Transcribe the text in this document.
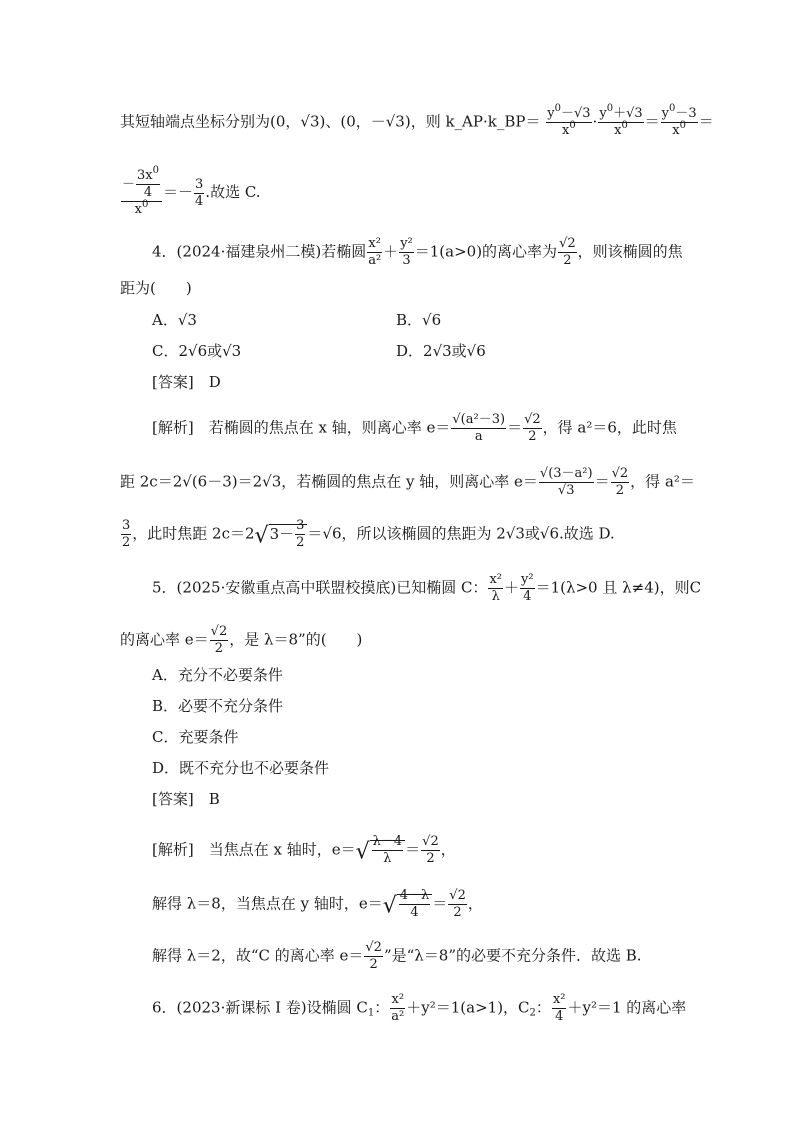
其短轴端点坐标分别为(0，√3)、(0，－√3)，则 k_AP·k_BP＝ $\frac{y^0-√3}{x^0} \cdot \frac{y^0+√3}{x^0} = \frac{y^0-3}{x^0}$ ＝
$\frac{- \frac{3x^0}{4}}{x^0} =- \frac{3}{4}$ .故选 C.
4．(2024·福建泉州二模)若椭圆 $\frac{\text{x²}}{\text{a²}} + \frac{\text{y²}}{3} =1(a>0)$的离心率为 $\frac{√2}{2}$ ，则该椭圆的焦
距为(　　)
A．√3	B．√6
C．2√6或√3	D．2√3或√6
[答案]　 D
[解析]　 若椭圆的焦点在 x 轴，则离心率 $e= \frac{\text{√(a²－3)}}{a} = \frac{√2}{2}$ ，得 a²＝6，此时焦
距 2c＝2√(6－3)＝2√3，若椭圆的焦点在 y 轴，则离心率 $e= \frac{\text{√(3－a²)}}{√3} = \frac{√2}{2}$ ，得 a²＝
$\frac{3}{2}$ ，此时焦距 $2c=2√3- \frac{3}{2} =√6$，所以该椭圆的焦距为 2√3或√6.故选 D.
5．(2025·安徽重点高中联盟校摸底)已知椭圆 C： $\frac{\text{x²}}{\lambda} + \frac{\text{y²}}{4} =1(\lambda>0$ 且 λ≠4)，则C
的离心率 $e= \frac{√2}{2}$ ，是 λ＝8”的(　　)
A．充分不必要条件
B．必要不充分条件
C．充要条件
D．既不充分也不必要条件
[答案]　 B
[解析]　 当焦点在 x 轴时，$e=√ \frac{\lambda-4}{\lambda} = \frac{√2}{2}$ ，
解得 λ＝8，当焦点在 y 轴时，$e=√ \frac{4-\lambda}{4} = \frac{√2}{2}$ ，
解得 λ＝2，故“C 的离心率 $e= \frac{√2}{2}$ ”是“λ＝8”的必要不充分条件．故选 B.
6．(2023·新课标 I 卷)设椭圆 $C_1$： $\frac{\text{x²}}{\text{a²}} +y^2=1(a>1)$，$C_2$： $\frac{\text{x²}}{4} +y^2=1$ 的离心率
